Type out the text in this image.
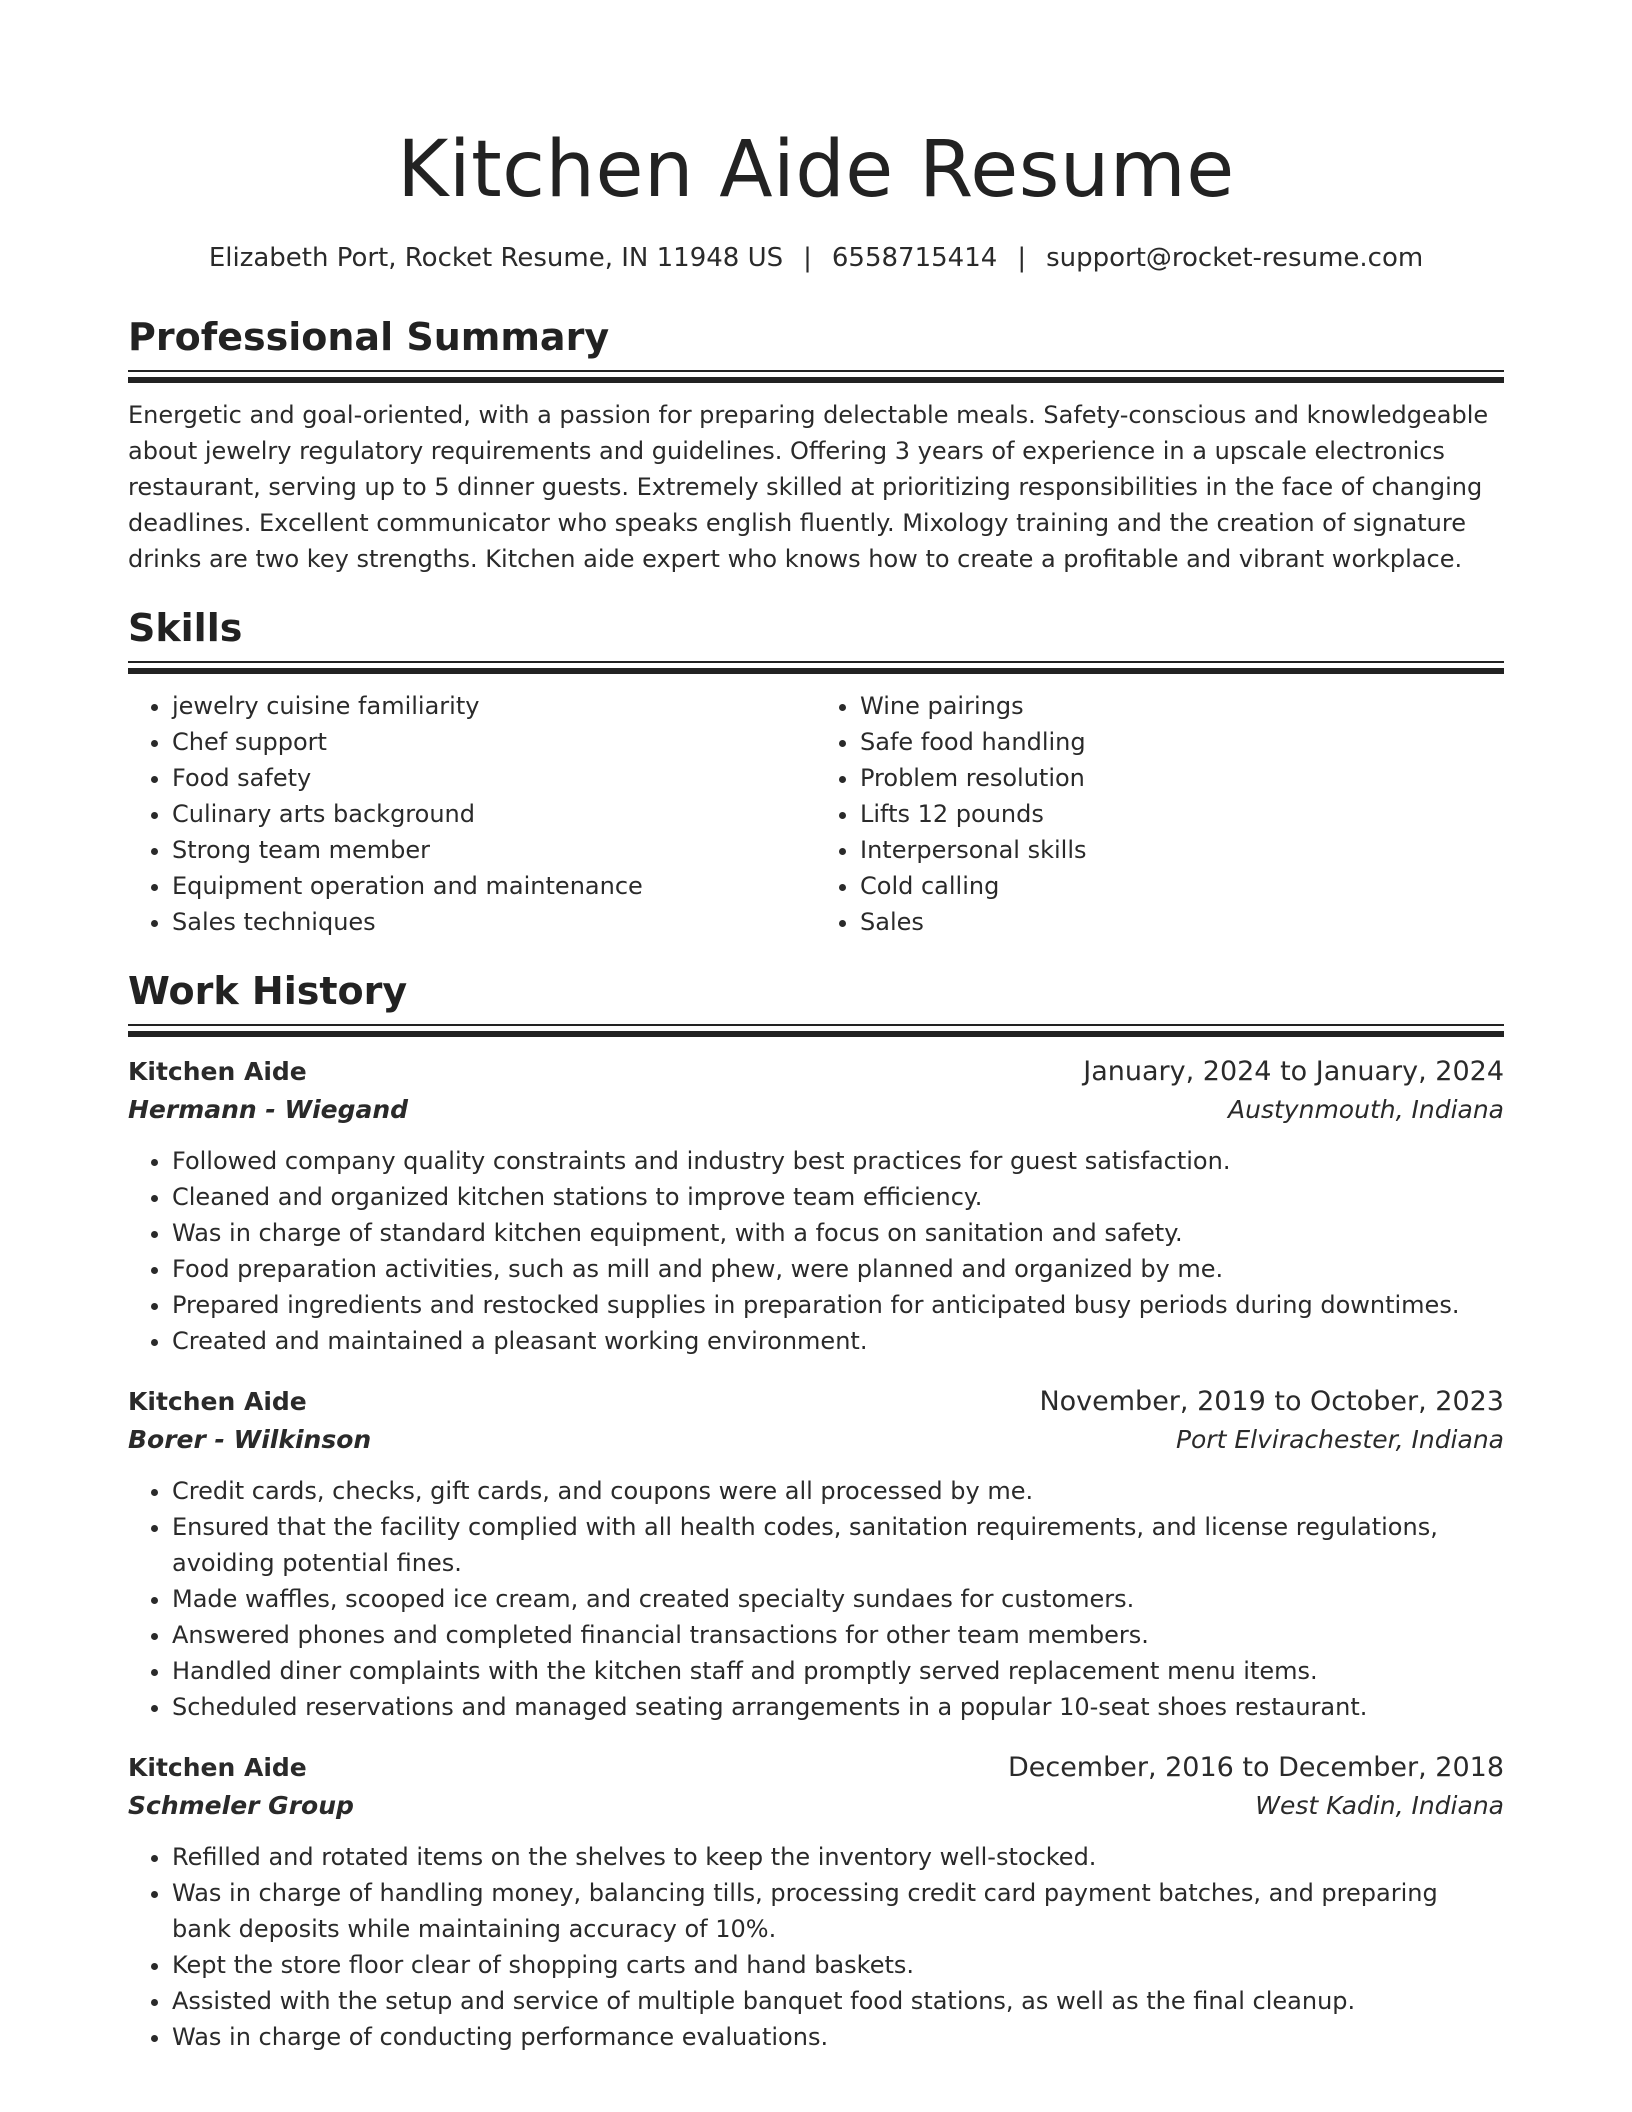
Kitchen Aide Resume
Elizabeth Port, Rocket Resume, IN 11948 US | 6558715414 | support@rocket-resume.com
Professional Summary

Energetic and goal-oriented, with a passion for preparing delectable meals. Safety-conscious and knowledgeable about jewelry regulatory requirements and guidelines. Offering 3 years of experience in a upscale electronics restaurant, serving up to 5 dinner guests. Extremely skilled at prioritizing responsibilities in the face of changing deadlines. Excellent communicator who speaks english fluently. Mixology training and the creation of signature drinks are two key strengths. Kitchen aide expert who knows how to create a profitable and vibrant workplace.

Skills
• jewelry cuisine familiarity
• Chef support
• Food safety
• Culinary arts background
• Strong team member
• Equipment operation and maintenance
• Sales techniques
• Wine pairings
• Safe food handling
• Problem resolution
• Lifts 12 pounds
• Interpersonal skills
• Cold calling
• Sales
Work History
Kitchen Aide	January, 2024 to January, 2024
Hermann - Wiegand	Austynmouth, Indiana
• Followed company quality constraints and industry best practices for guest satisfaction.
• Cleaned and organized kitchen stations to improve team efficiency.
• Was in charge of standard kitchen equipment, with a focus on sanitation and safety.
• Food preparation activities, such as mill and phew, were planned and organized by me.
• Prepared ingredients and restocked supplies in preparation for anticipated busy periods during downtimes.
• Created and maintained a pleasant working environment.
Kitchen Aide	November, 2019 to October, 2023
Borer - Wilkinson	Port Elvirachester, Indiana
• Credit cards, checks, gift cards, and coupons were all processed by me.
• Ensured that the facility complied with all health codes, sanitation requirements, and license regulations, avoiding potential fines.
• Made waffles, scooped ice cream, and created specialty sundaes for customers.
• Answered phones and completed financial transactions for other team members.
• Handled diner complaints with the kitchen staff and promptly served replacement menu items.
• Scheduled reservations and managed seating arrangements in a popular 10-seat shoes restaurant.
Kitchen Aide	December, 2016 to December, 2018
Schmeler Group	West Kadin, Indiana
• Refilled and rotated items on the shelves to keep the inventory well-stocked.
• Was in charge of handling money, balancing tills, processing credit card payment batches, and preparing bank deposits while maintaining accuracy of 10%.
• Kept the store floor clear of shopping carts and hand baskets.
• Assisted with the setup and service of multiple banquet food stations, as well as the final cleanup.
• Was in charge of conducting performance evaluations.
